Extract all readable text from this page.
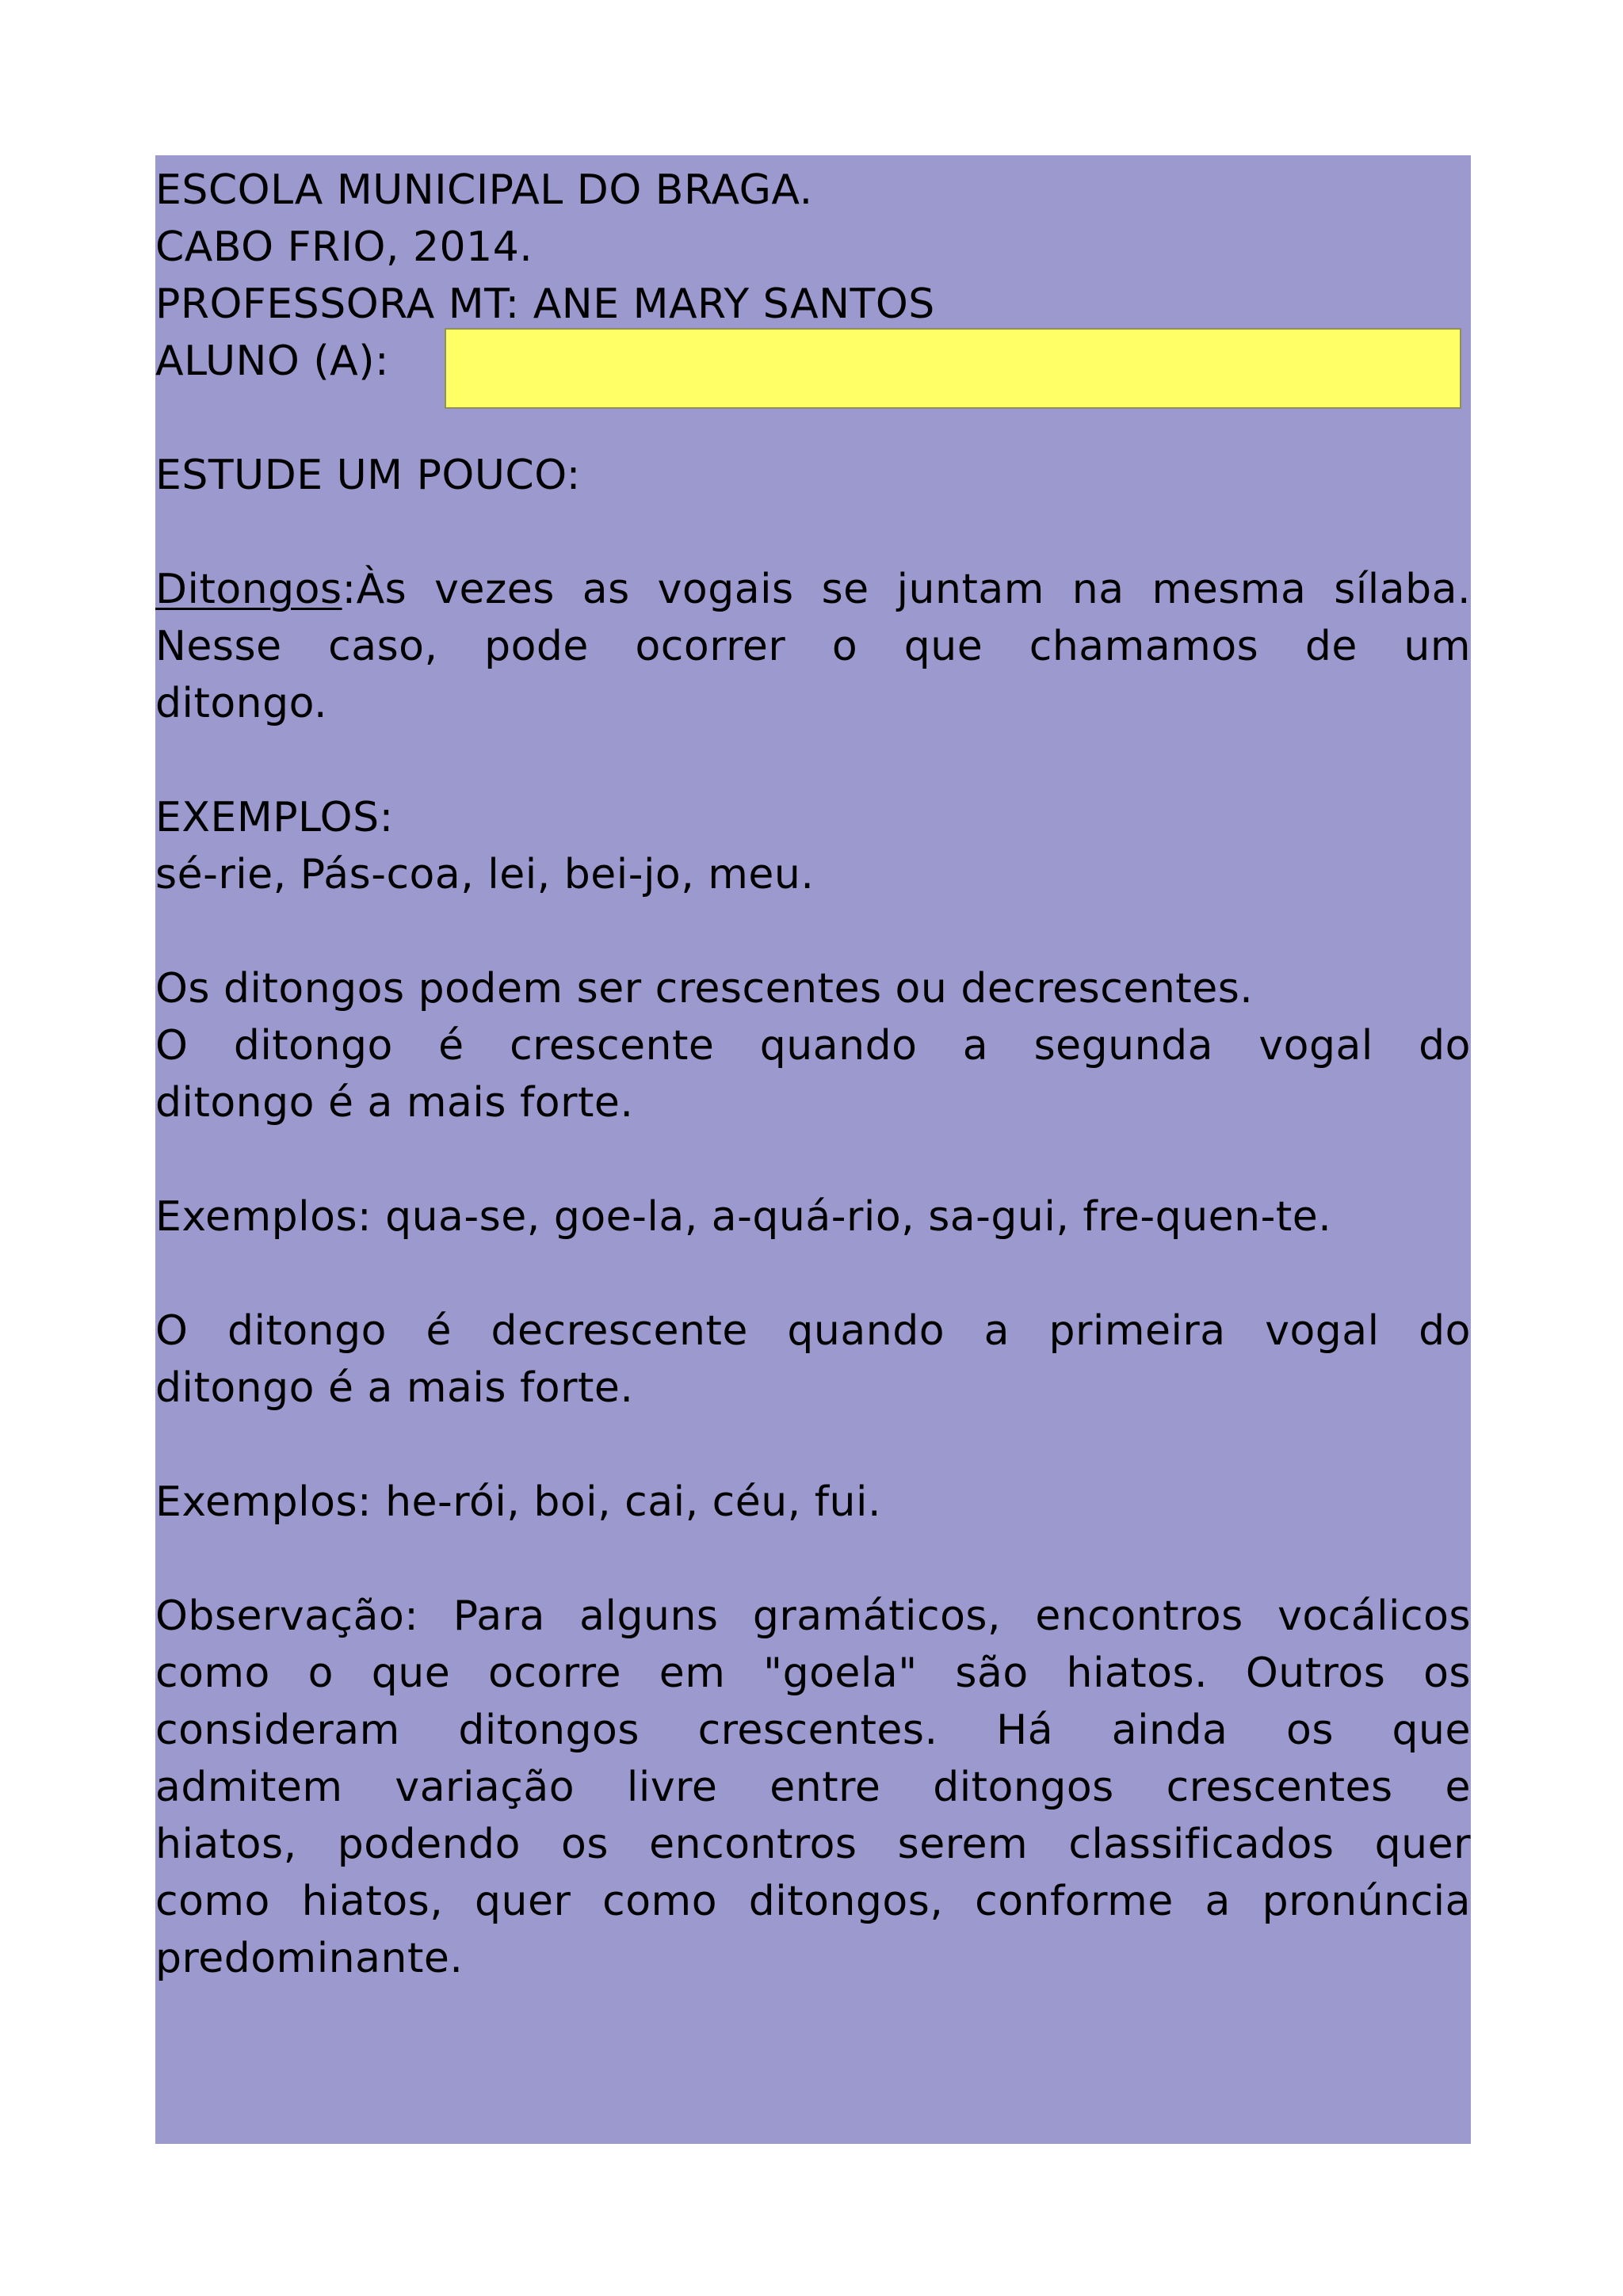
ESCOLA MUNICIPAL DO BRAGA.
CABO FRIO, 2014.
PROFESSORA MT: ANE MARY SANTOS
ALUNO (A):
ESTUDE UM POUCO:
Ditongos:Às vezes as vogais se juntam na mesma sílaba.
Nesse caso, pode ocorrer o que chamamos de um
ditongo.
EXEMPLOS:
sé-rie, Pás-coa, lei, bei-jo, meu.
Os ditongos podem ser crescentes ou decrescentes.
O ditongo é crescente quando a segunda vogal do
ditongo é a mais forte.
Exemplos: qua-se, goe-la, a-quá-rio, sa-gui, fre-quen-te.
O ditongo é decrescente quando a primeira vogal do
ditongo é a mais forte.
Exemplos: he-rói, boi, cai, céu, fui.
Observação: Para alguns gramáticos, encontros vocálicos
como o que ocorre em "goela" são hiatos. Outros os
consideram ditongos crescentes. Há ainda os que
admitem variação livre entre ditongos crescentes e
hiatos, podendo os encontros serem classificados quer
como hiatos, quer como ditongos, conforme a pronúncia
predominante.
